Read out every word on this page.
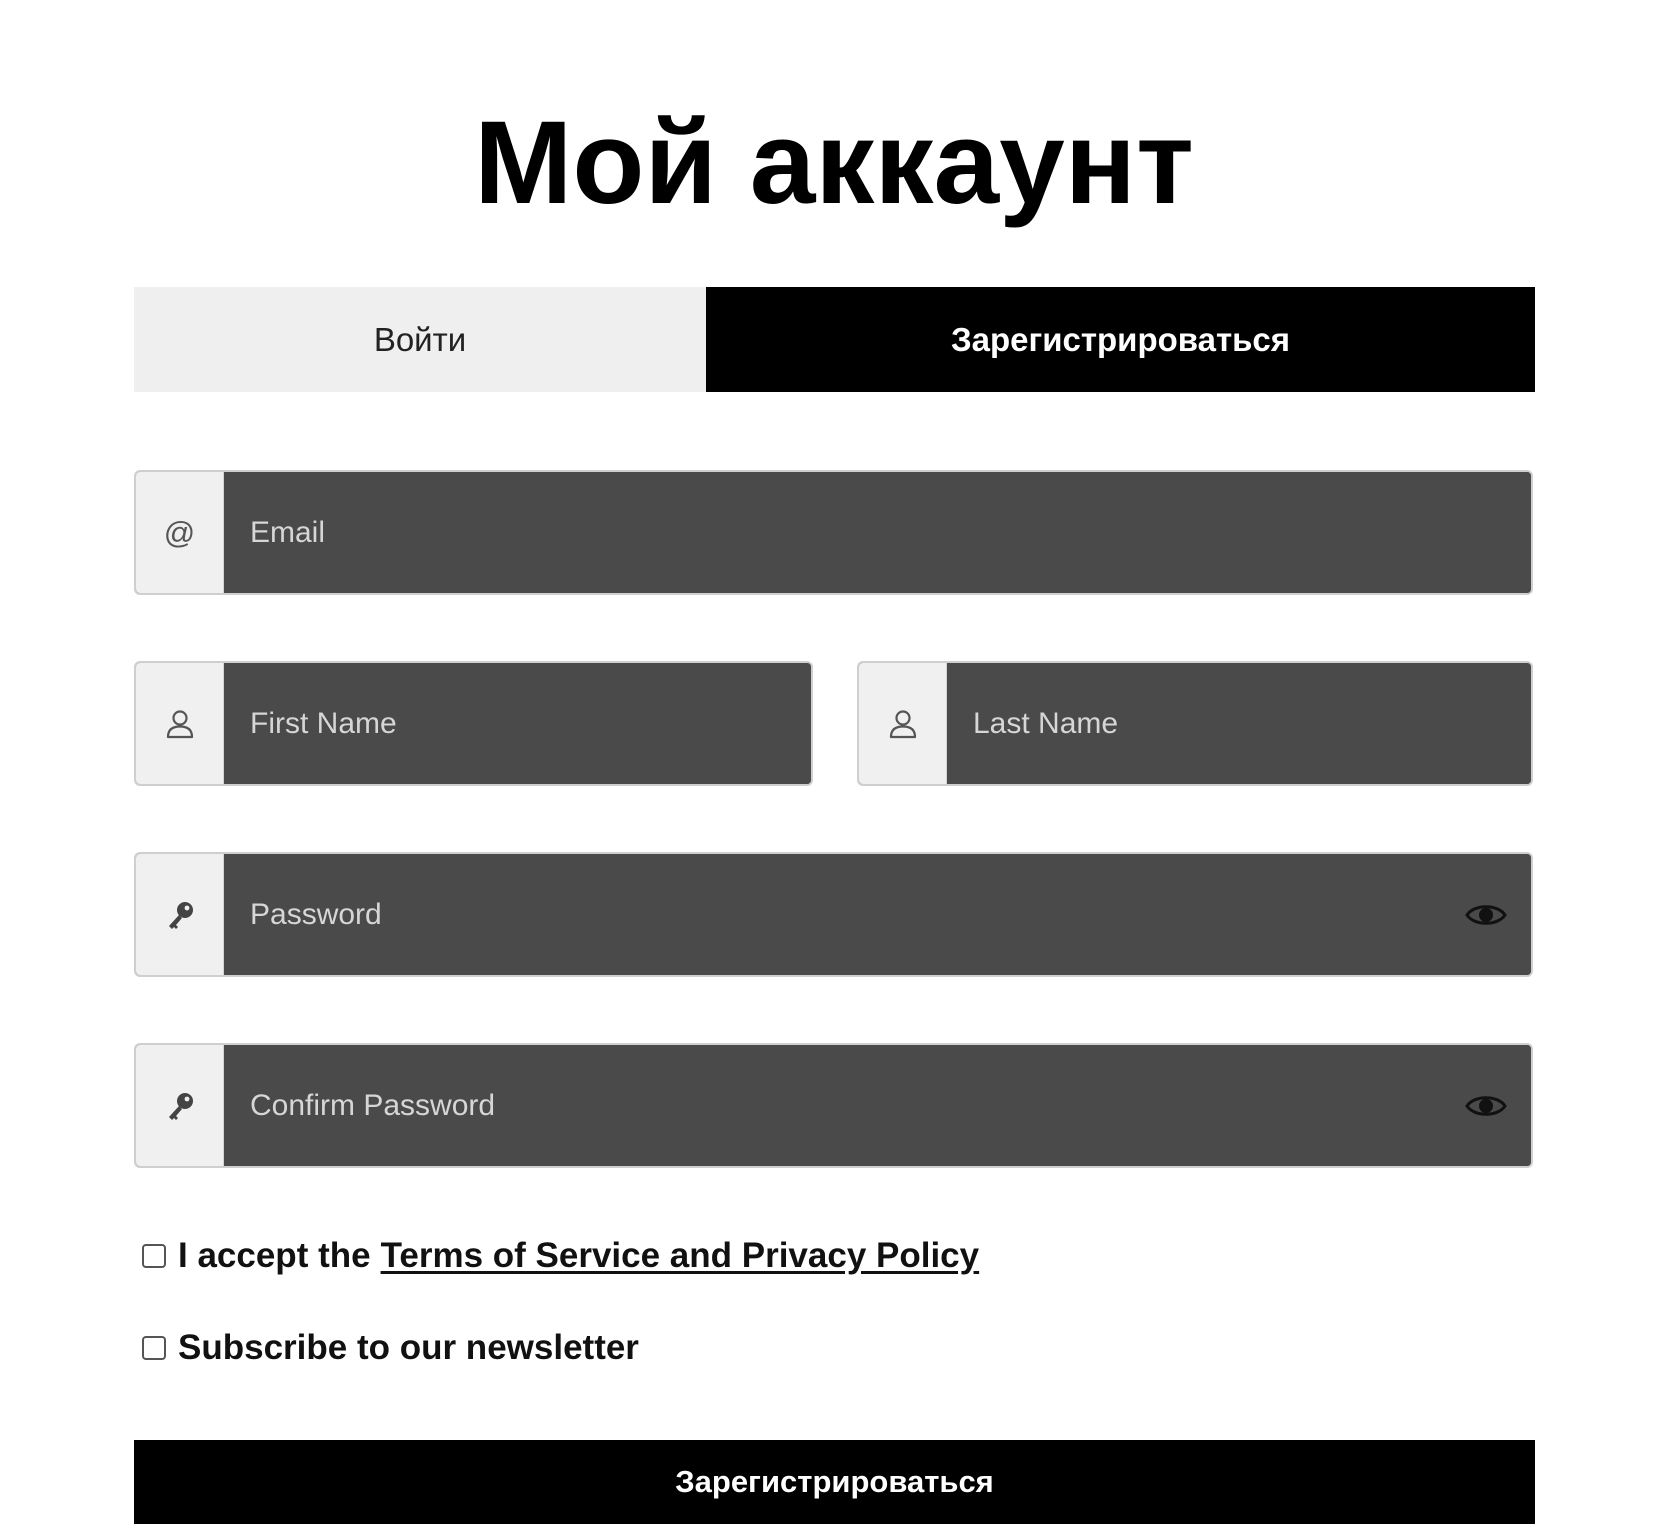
Мой аккаунт
Войти	Зарегистрироваться
@
Email
First Name
Last Name
I accept the Terms of Service and Privacy Policy
Subscribe to our newsletter
Зарегистрироваться
